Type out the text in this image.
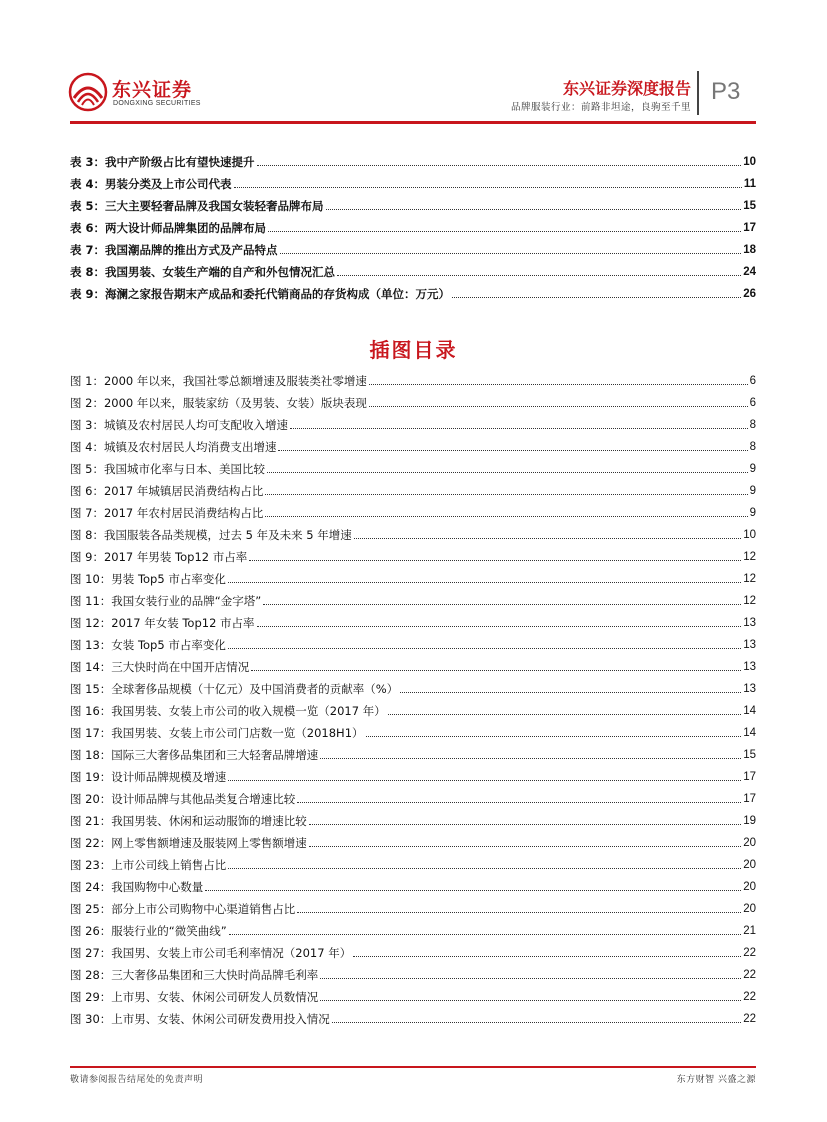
东兴证券
DONGXING SECURITIES
东兴证券深度报告
品牌服装行业：前路非坦途，良驹至千里
P3
表 3：我中产阶级占比有望快速提升	10
表 4：男装分类及上市公司代表	11
表 5：三大主要轻奢品牌及我国女装轻奢品牌布局	15
表 6：两大设计师品牌集团的品牌布局	17
表 7：我国潮品牌的推出方式及产品特点	18
表 8：我国男装、女装生产端的自产和外包情况汇总	24
表 9：海澜之家报告期末产成品和委托代销商品的存货构成（单位：万元）	26
插图目录
图 1：2000 年以来，我国社零总额增速及服装类社零增速	6
图 2：2000 年以来，服装家纺（及男装、女装）版块表现	6
图 3：城镇及农村居民人均可支配收入增速	8
图 4：城镇及农村居民人均消费支出增速	8
图 5：我国城市化率与日本、美国比较	9
图 6：2017 年城镇居民消费结构占比	9
图 7：2017 年农村居民消费结构占比	9
图 8：我国服装各品类规模，过去 5 年及未来 5 年增速	10
图 9：2017 年男装 Top12 市占率	12
图 10：男装 Top5 市占率变化	12
图 11：我国女装行业的品牌“金字塔”	12
图 12：2017 年女装 Top12 市占率	13
图 13：女装 Top5 市占率变化	13
图 14：三大快时尚在中国开店情况	13
图 15：全球奢侈品规模（十亿元）及中国消费者的贡献率（%）	13
图 16：我国男装、女装上市公司的收入规模一览（2017 年）	14
图 17：我国男装、女装上市公司门店数一览（2018H1）	14
图 18：国际三大奢侈品集团和三大轻奢品牌增速	15
图 19：设计师品牌规模及增速	17
图 20：设计师品牌与其他品类复合增速比较	17
图 21：我国男装、休闲和运动服饰的增速比较	19
图 22：网上零售额增速及服装网上零售额增速	20
图 23：上市公司线上销售占比	20
图 24：我国购物中心数量	20
图 25：部分上市公司购物中心渠道销售占比	20
图 26：服装行业的“微笑曲线”	21
图 27：我国男、女装上市公司毛利率情况（2017 年）	22
图 28：三大奢侈品集团和三大快时尚品牌毛利率	22
图 29：上市男、女装、休闲公司研发人员数情况	22
图 30：上市男、女装、休闲公司研发费用投入情况	22
敬请参阅报告结尾处的免责声明	东方财智 兴盛之源
